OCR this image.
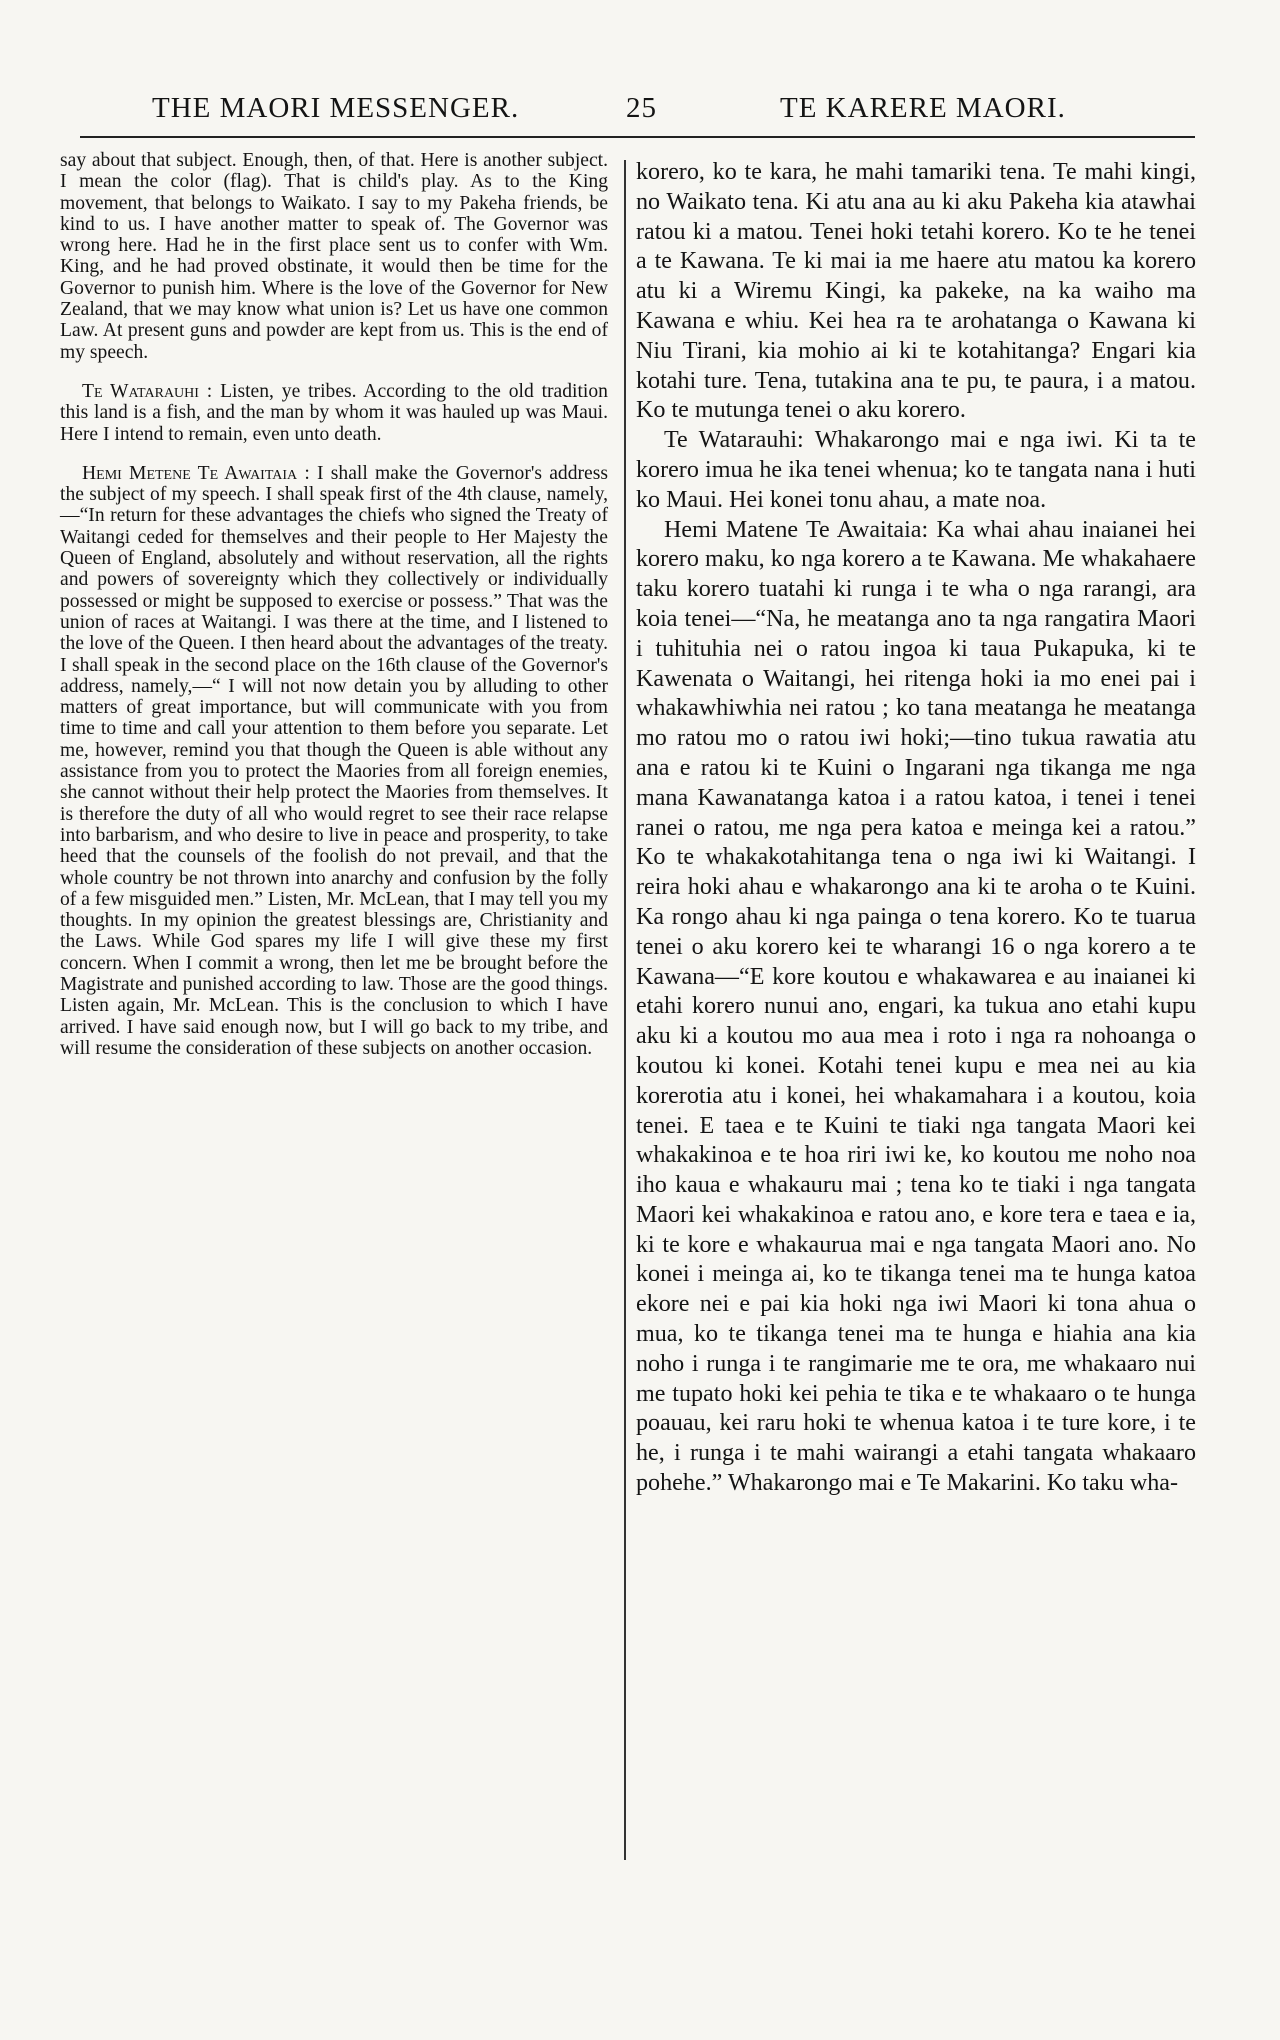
THE MAORI MESSENGER.	25	TE KARERE MAORI.

say about that subject. Enough, then, of that. Here is another subject. I mean the color (flag). That is child's play. As to the King movement, that belongs to Waikato. I say to my Pakeha friends, be kind to us. I have another matter to speak of. The Governor was wrong here. Had he in the first place sent us to confer with Wm. King, and he had proved obstinate, it would then be time for the Governor to punish him. Where is the love of the Governor for New Zealand, that we may know what union is? Let us have one common Law. At present guns and powder are kept from us. This is the end of my speech.

Te Watarauhi : Listen, ye tribes. According to the old tradition this land is a fish, and the man by whom it was hauled up was Maui. Here I intend to remain, even unto death.

Hemi Metene Te Awaitaia : I shall make the Governor's address the subject of my speech. I shall speak first of the 4th clause, namely,—“In return for these advantages the chiefs who signed the Treaty of Waitangi ceded for themselves and their people to Her Majesty the Queen of England, absolutely and without reservation, all the rights and powers of sovereignty which they collectively or individually possessed or might be supposed to exercise or possess.” That was the union of races at Waitangi. I was there at the time, and I listened to the love of the Queen. I then heard about the advantages of the treaty. I shall speak in the second place on the 16th clause of the Governor's address, namely,—“ I will not now detain you by alluding to other matters of great importance, but will communicate with you from time to time and call your attention to them before you separate. Let me, however, remind you that though the Queen is able without any assistance from you to protect the Maories from all foreign enemies, she cannot without their help protect the Maories from themselves. It is therefore the duty of all who would regret to see their race relapse into barbarism, and who desire to live in peace and prosperity, to take heed that the counsels of the foolish do not prevail, and that the whole country be not thrown into anarchy and confusion by the folly of a few misguided men.” Listen, Mr. McLean, that I may tell you my thoughts. In my opinion the greatest blessings are, Christianity and the Laws. While God spares my life I will give these my first concern. When I commit a wrong, then let me be brought before the Magistrate and punished according to law. Those are the good things. Listen again, Mr. McLean. This is the conclusion to which I have arrived. I have said enough now, but I will go back to my tribe, and will resume the consideration of these subjects on another occasion.

korero, ko te kara, he mahi tamariki tena. Te mahi kingi, no Waikato tena. Ki atu ana au ki aku Pakeha kia atawhai ratou ki a matou. Tenei hoki tetahi korero. Ko te he tenei a te Kawana. Te ki mai ia me haere atu matou ka korero atu ki a Wiremu Kingi, ka pakeke, na ka waiho ma Kawana e whiu. Kei hea ra te arohatanga o Kawana ki Niu Tirani, kia mohio ai ki te kotahitanga? Engari kia kotahi ture. Tena, tutakina ana te pu, te paura, i a matou. Ko te mutunga tenei o aku korero.

Te Watarauhi: Whakarongo mai e nga iwi. Ki ta te korero imua he ika tenei whenua; ko te tangata nana i huti ko Maui. Hei konei tonu ahau, a mate noa.

Hemi Matene Te Awaitaia: Ka whai ahau inaianei hei korero maku, ko nga korero a te Kawana. Me whakahaere taku korero tuatahi ki runga i te wha o nga rarangi, ara koia tenei—“Na, he meatanga ano ta nga rangatira Maori i tuhituhia nei o ratou ingoa ki taua Pukapuka, ki te Kawenata o Waitangi, hei ritenga hoki ia mo enei pai i whakawhiwhia nei ratou ; ko tana meatanga he meatanga mo ratou mo o ratou iwi hoki;—tino tukua rawatia atu ana e ratou ki te Kuini o Ingarani nga tikanga me nga mana Kawanatanga katoa i a ratou katoa, i tenei i tenei ranei o ratou, me nga pera katoa e meinga kei a ratou.” Ko te whakakotahitanga tena o nga iwi ki Waitangi. I reira hoki ahau e whakarongo ana ki te aroha o te Kuini. Ka rongo ahau ki nga painga o tena korero. Ko te tuarua tenei o aku korero kei te wharangi 16 o nga korero a te Kawana—“E kore koutou e whakawarea e au inaianei ki etahi korero nunui ano, engari, ka tukua ano etahi kupu aku ki a koutou mo aua mea i roto i nga ra nohoanga o koutou ki konei. Kotahi tenei kupu e mea nei au kia korerotia atu i konei, hei whakamahara i a koutou, koia tenei. E taea e te Kuini te tiaki nga tangata Maori kei whakakinoa e te hoa riri iwi ke, ko koutou me noho noa iho kaua e whakauru mai ; tena ko te tiaki i nga tangata Maori kei whakakinoa e ratou ano, e kore tera e taea e ia, ki te kore e whakaurua mai e nga tangata Maori ano. No konei i meinga ai, ko te tikanga tenei ma te hunga katoa ekore nei e pai kia hoki nga iwi Maori ki tona ahua o mua, ko te tikanga tenei ma te hunga e hiahia ana kia noho i runga i te rangimarie me te ora, me whakaaro nui me tupato hoki kei pehia te tika e te whakaaro o te hunga poauau, kei raru hoki te whenua katoa i te ture kore, i te he, i runga i te mahi wairangi a etahi tangata whakaaro pohehe.” Whakarongo mai e Te Makarini. Ko taku wha-
